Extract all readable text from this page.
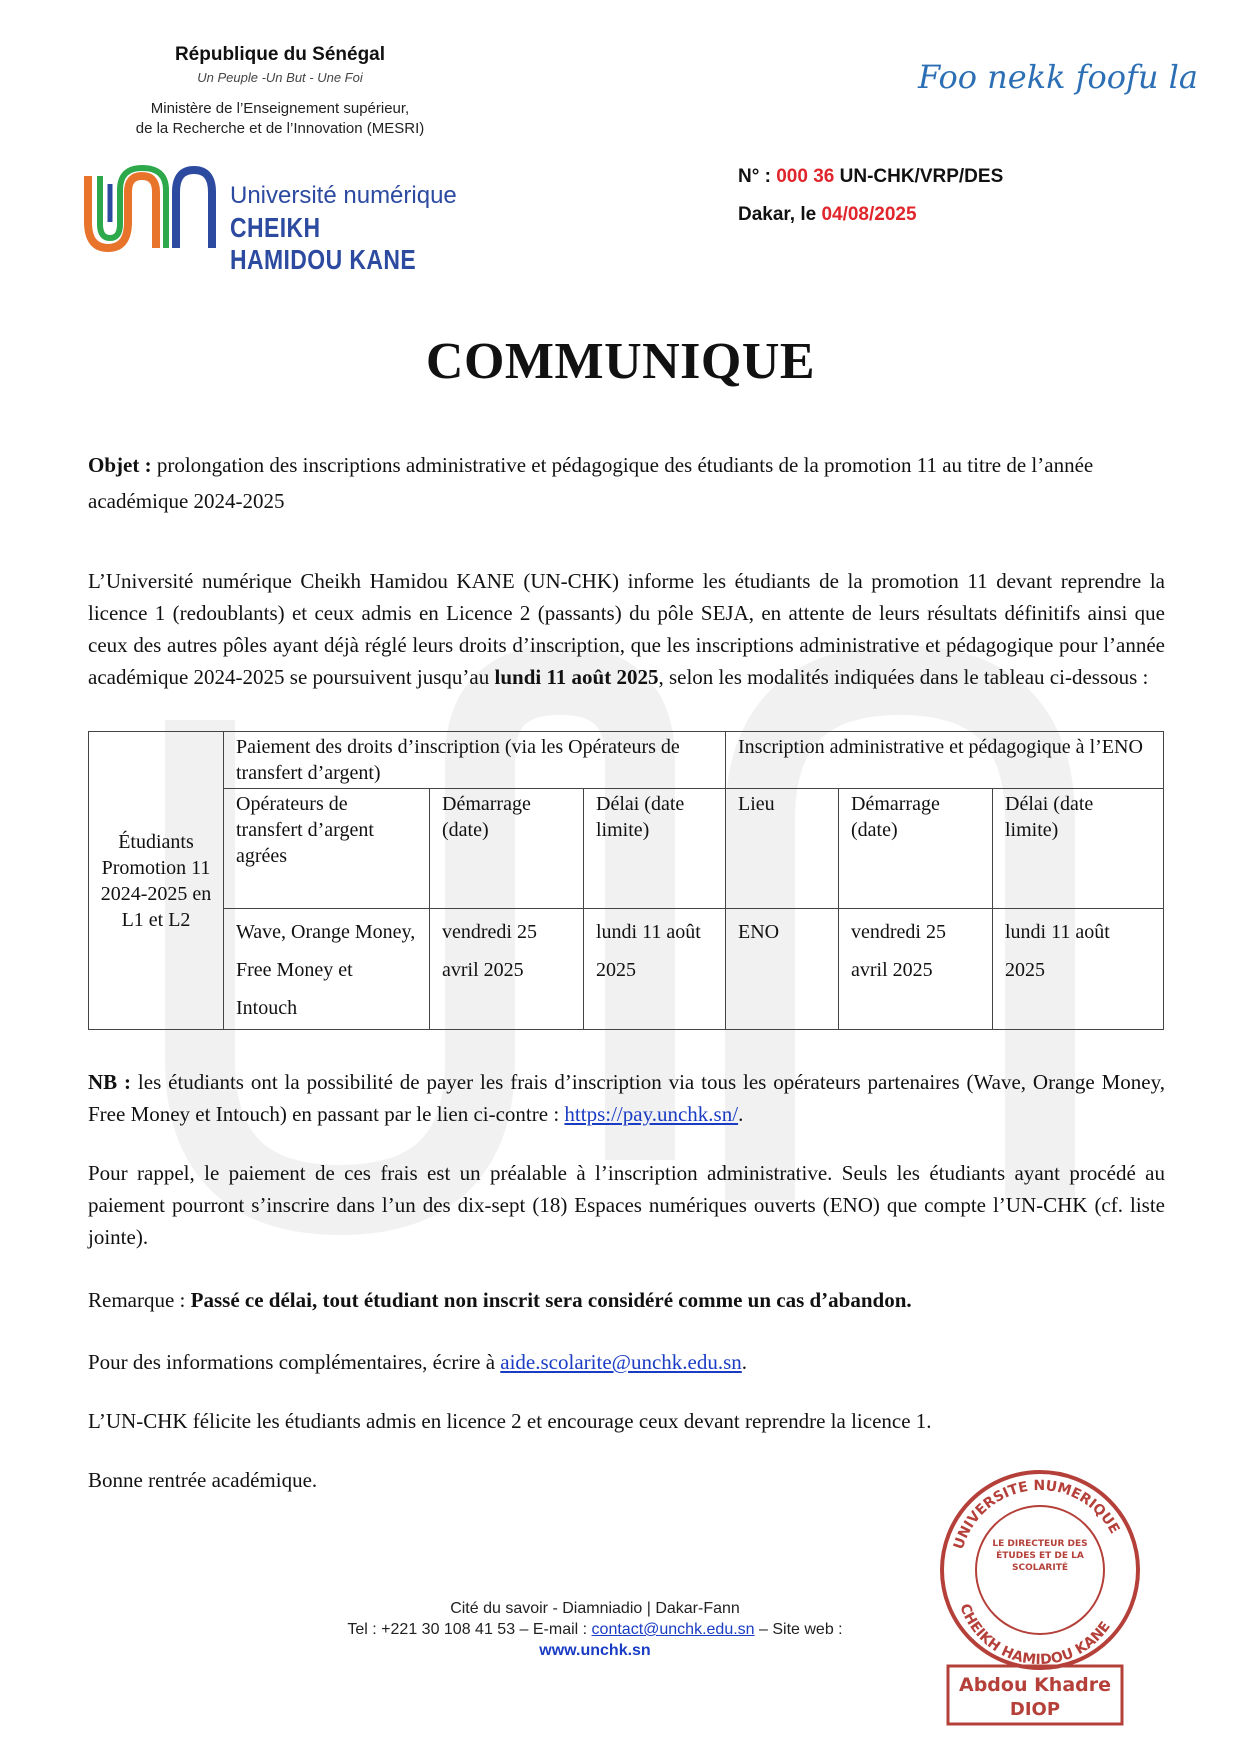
République du Sénégal
Un Peuple -Un But - Une Foi
Ministère de l’Enseignement supérieur,
de la Recherche et de l’Innovation (MESRI)
Université numérique
CHEIKH HAMIDOU KANE
Foo nekk foofu la
N° : 000 36 UN-CHK/VRP/DES
Dakar, le 04/08/2025
COMMUNIQUE
Objet : prolongation des inscriptions administrative et pédagogique des étudiants de la promotion 11 au titre de l’année académique 2024-2025
L’Université numérique Cheikh Hamidou KANE (UN-CHK) informe les étudiants de la promotion 11 devant reprendre la licence 1 (redoublants) et ceux admis en Licence 2 (passants) du pôle SEJA, en attente de leurs résultats définitifs ainsi que ceux des autres pôles ayant déjà réglé leurs droits d’inscription, que les inscriptions administrative et pédagogique pour l’année académique 2024-2025 se poursuivent jusqu’au lundi 11 août 2025, selon les modalités indiquées dans le tableau ci-dessous :
Étudiants Promotion 11 2024-2025 en L1 et L2	Paiement des droits d’inscription (via les Opérateurs de transfert d’argent)			Inscription administrative et pédagogique à l’ENO		
	Opérateurs de transfert d’argent agrées	Démarrage (date)	Délai (date limite)	Lieu	Démarrage (date)	Délai (date limite)
	Wave, Orange Money, Free Money et Intouch	vendredi 25 avril 2025	lundi 11 août 2025	ENO	vendredi 25 avril 2025	lundi 11 août 2025
NB : les étudiants ont la possibilité de payer les frais d’inscription via tous les opérateurs partenaires (Wave, Orange Money, Free Money et Intouch) en passant par le lien ci-contre : https://pay.unchk.sn/.
Pour rappel, le paiement de ces frais est un préalable à l’inscription administrative. Seuls les étudiants ayant procédé au paiement pourront s’inscrire dans l’un des dix-sept (18) Espaces numériques ouverts (ENO) que compte l’UN-CHK (cf. liste jointe).
Remarque : Passé ce délai, tout étudiant non inscrit sera considéré comme un cas d’abandon.
Pour des informations complémentaires, écrire à aide.scolarite@unchk.edu.sn.
L’UN-CHK félicite les étudiants admis en licence 2 et encourage ceux devant reprendre la licence 1.
Bonne rentrée académique.
UNIVERSITE NUMERIQUE
CHEIKH HAMIDOU KANE
LE DIRECTEUR DES ÉTUDES ET DE LA SCOLARITÉ
Abdou Khadre
DIOP
Cité du savoir - Diamniadio | Dakar-Fann
Tel : +221 30 108 41 53 – E-mail : contact@unchk.edu.sn – Site web :
www.unchk.sn
